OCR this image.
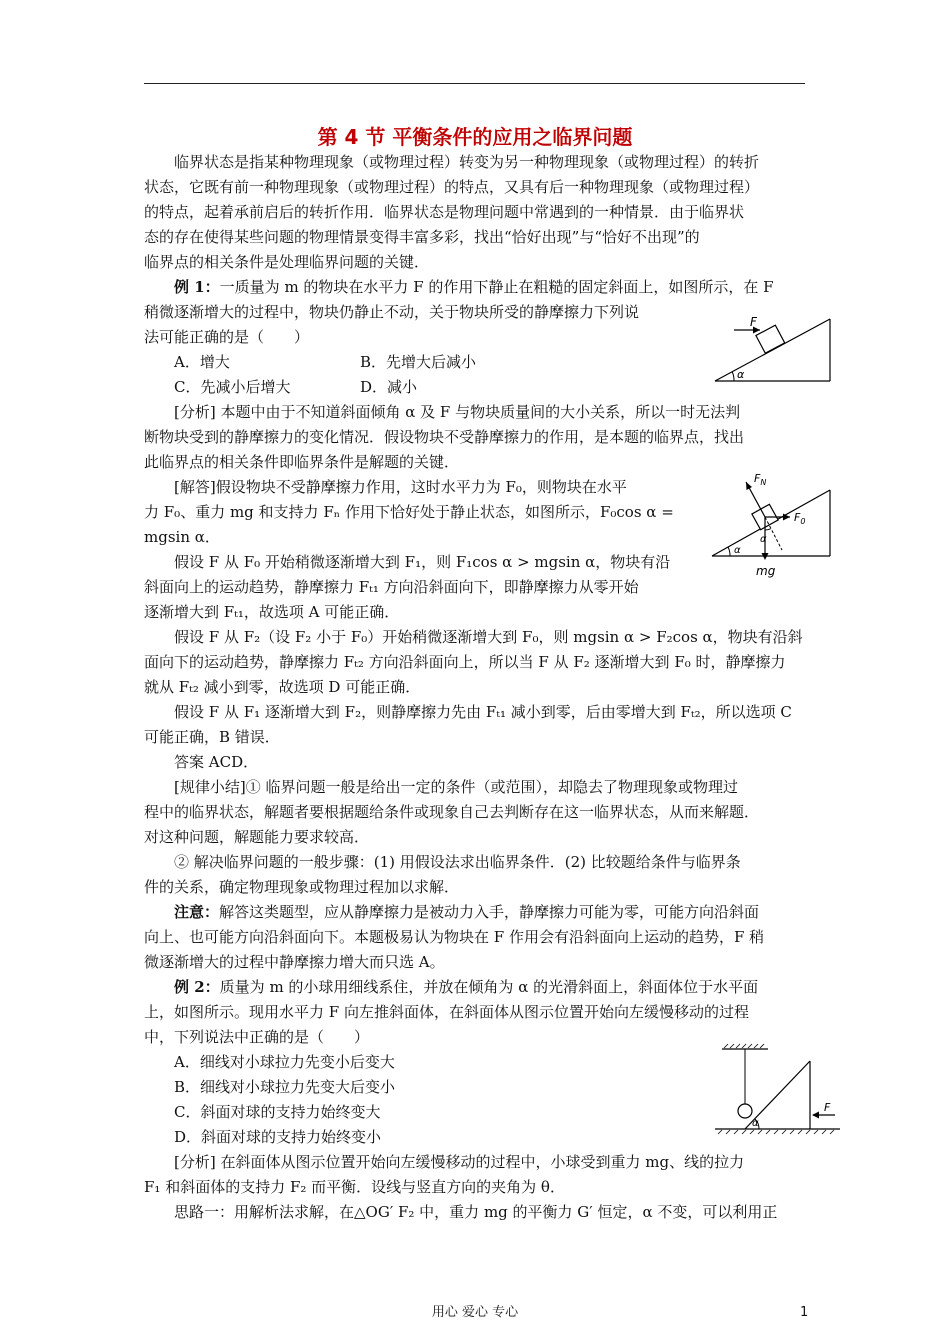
第 4 节 平衡条件的应用之临界问题
临界状态是指某种物理现象（或物理过程）转变为另一种物理现象（或物理过程）的转折
状态，它既有前一种物理现象（或物理过程）的特点，又具有后一种物理现象（或物理过程）
的特点，起着承前启后的转折作用．临界状态是物理问题中常遇到的一种情景．由于临界状
态的存在使得某些问题的物理情景变得丰富多彩，找出“恰好出现”与“恰好不出现”的
临界点的相关条件是处理临界问题的关键．
例 1：一质量为 m 的物块在水平力 F 的作用下静止在粗糙的固定斜面上，如图所示，在 F
稍微逐渐增大的过程中，物块仍静止不动，关于物块所受的静摩擦力下列说
法可能正确的是（　　）
A．增大	B．先增大后减小
C．先减小后增大	D．减小
F
α
[分析] 本题中由于不知道斜面倾角 α 及 F 与物块质量间的大小关系，所以一时无法判
断物块受到的静摩擦力的变化情况．假设物块不受静摩擦力的作用，是本题的临界点，找出
此临界点的相关条件即临界条件是解题的关键．
[解答]假设物块不受静摩擦力作用，这时水平力为 F₀，则物块在水平
力 F₀、重力 mg 和支持力 Fₙ 作用下恰好处于静止状态，如图所示，F₀cos α =
mgsin α．
$F_N$
$F_0$
α
α
mg
假设 F 从 F₀ 开始稍微逐渐增大到 F₁，则 F₁cos α > mgsin α，物块有沿
斜面向上的运动趋势，静摩擦力 Fₜ₁ 方向沿斜面向下，即静摩擦力从零开始
逐渐增大到 Fₜ₁，故选项 A 可能正确．
假设 F 从 F₂（设 F₂ 小于 F₀）开始稍微逐渐增大到 F₀，则 mgsin α > F₂cos α，物块有沿斜
面向下的运动趋势，静摩擦力 Fₜ₂ 方向沿斜面向上，所以当 F 从 F₂ 逐渐增大到 F₀ 时，静摩擦力
就从 Fₜ₂ 减小到零，故选项 D 可能正确．
假设 F 从 F₁ 逐渐增大到 F₂，则静摩擦力先由 Fₜ₁ 减小到零，后由零增大到 Fₜ₂，所以选项 C
可能正确，B 错误．
答案 ACD．
[规律小结]① 临界问题一般是给出一定的条件（或范围），却隐去了物理现象或物理过
程中的临界状态，解题者要根据题给条件或现象自己去判断存在这一临界状态，从而来解题．
对这种问题，解题能力要求较高．
② 解决临界问题的一般步骤：(1) 用假设法求出临界条件．(2) 比较题给条件与临界条
件的关系，确定物理现象或物理过程加以求解．
注意：解答这类题型，应从静摩擦力是被动力入手，静摩擦力可能为零，可能方向沿斜面
向上、也可能方向沿斜面向下。本题极易认为物块在 F 作用会有沿斜面向上运动的趋势，F 稍
微逐渐增大的过程中静摩擦力增大而只选 A。
例 2：质量为 m 的小球用细线系住，并放在倾角为 α 的光滑斜面上，斜面体位于水平面
上，如图所示。现用水平力 F 向左推斜面体，在斜面体从图示位置开始向左缓慢移动的过程
中，下列说法中正确的是（　　）
A．细线对小球拉力先变小后变大
B．细线对小球拉力先变大后变小
C．斜面对球的支持力始终变大
D．斜面对球的支持力始终变小
α
F
[分析] 在斜面体从图示位置开始向左缓慢移动的过程中，小球受到重力 mg、线的拉力
F₁ 和斜面体的支持力 F₂ 而平衡．设线与竖直方向的夹角为 θ．
思路一：用解析法求解，在△OG′ F₂ 中，重力 mg 的平衡力 G′ 恒定，α 不变，可以利用正
用心 爱心 专心	1
